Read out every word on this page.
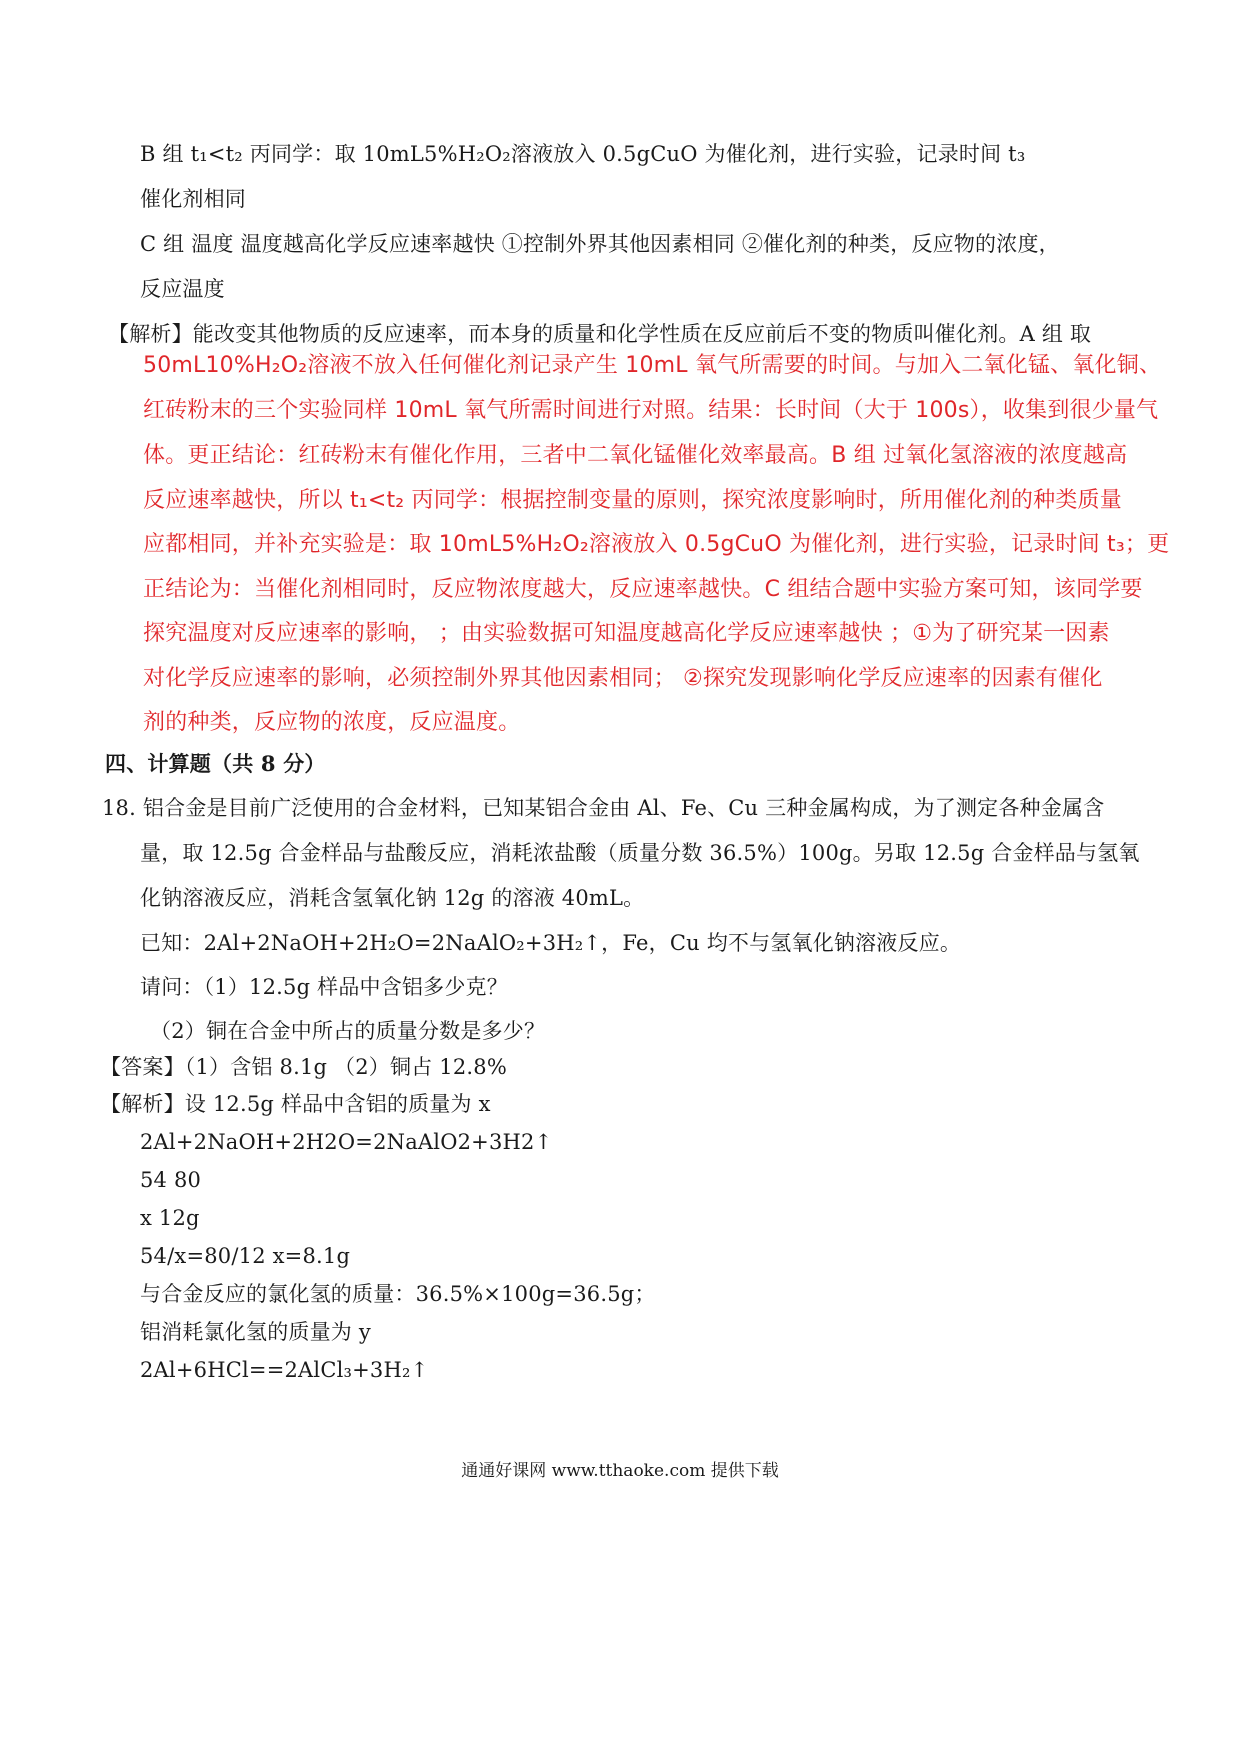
B 组 t₁<t₂ 丙同学：取 10mL5%H₂O₂溶液放入 0.5gCuO 为催化剂，进行实验，记录时间 t₃
催化剂相同
C 组 温度 温度越高化学反应速率越快 ①控制外界其他因素相同 ②催化剂的种类，反应物的浓度，
反应温度
【解析】能改变其他物质的反应速率，而本身的质量和化学性质在反应前后不变的物质叫催化剂。A 组 取
50mL10%H₂O₂溶液不放入任何催化剂记录产生 10mL 氧气所需要的时间。与加入二氧化锰、氧化铜、
红砖粉末的三个实验同样 10mL 氧气所需时间进行对照。结果：长时间（大于 100s），收集到很少量气
体。更正结论：红砖粉末有催化作用，三者中二氧化锰催化效率最高。B 组 过氧化氢溶液的浓度越高
反应速率越快，所以 t₁<t₂ 丙同学：根据控制变量的原则，探究浓度影响时，所用催化剂的种类质量
应都相同，并补充实验是：取 10mL5%H₂O₂溶液放入 0.5gCuO 为催化剂，进行实验，记录时间 t₃；更
正结论为：当催化剂相同时，反应物浓度越大，反应速率越快。C 组结合题中实验方案可知，该同学要
探究温度对反应速率的影响， ；由实验数据可知温度越高化学反应速率越快 ；①为了研究某一因素
对化学反应速率的影响，必须控制外界其他因素相同； ②探究发现影响化学反应速率的因素有催化
剂的种类，反应物的浓度，反应温度。
四、计算题（共 8 分）
18. 铝合金是目前广泛使用的合金材料，已知某铝合金由 Al、Fe、Cu 三种金属构成，为了测定各种金属含
量，取 12.5g 合金样品与盐酸反应，消耗浓盐酸（质量分数 36.5%）100g。另取 12.5g 合金样品与氢氧
化钠溶液反应，消耗含氢氧化钠 12g 的溶液 40mL。
已知：2Al+2NaOH+2H₂O=2NaAlO₂+3H₂↑，Fe，Cu 均不与氢氧化钠溶液反应。
请问：（1）12.5g 样品中含铝多少克？
（2）铜在合金中所占的质量分数是多少？
【答案】（1）含铝 8.1g （2）铜占 12.8%
【解析】设 12.5g 样品中含铝的质量为 x
2Al+2NaOH+2H2O=2NaAlO2+3H2↑
54 80
x 12g
54/x=80/12 x=8.1g
与合金反应的氯化氢的质量：36.5%×100g=36.5g；
铝消耗氯化氢的质量为 y
2Al+6HCl==2AlCl₃+3H₂↑
通通好课网 www.tthaoke.com 提供下载
